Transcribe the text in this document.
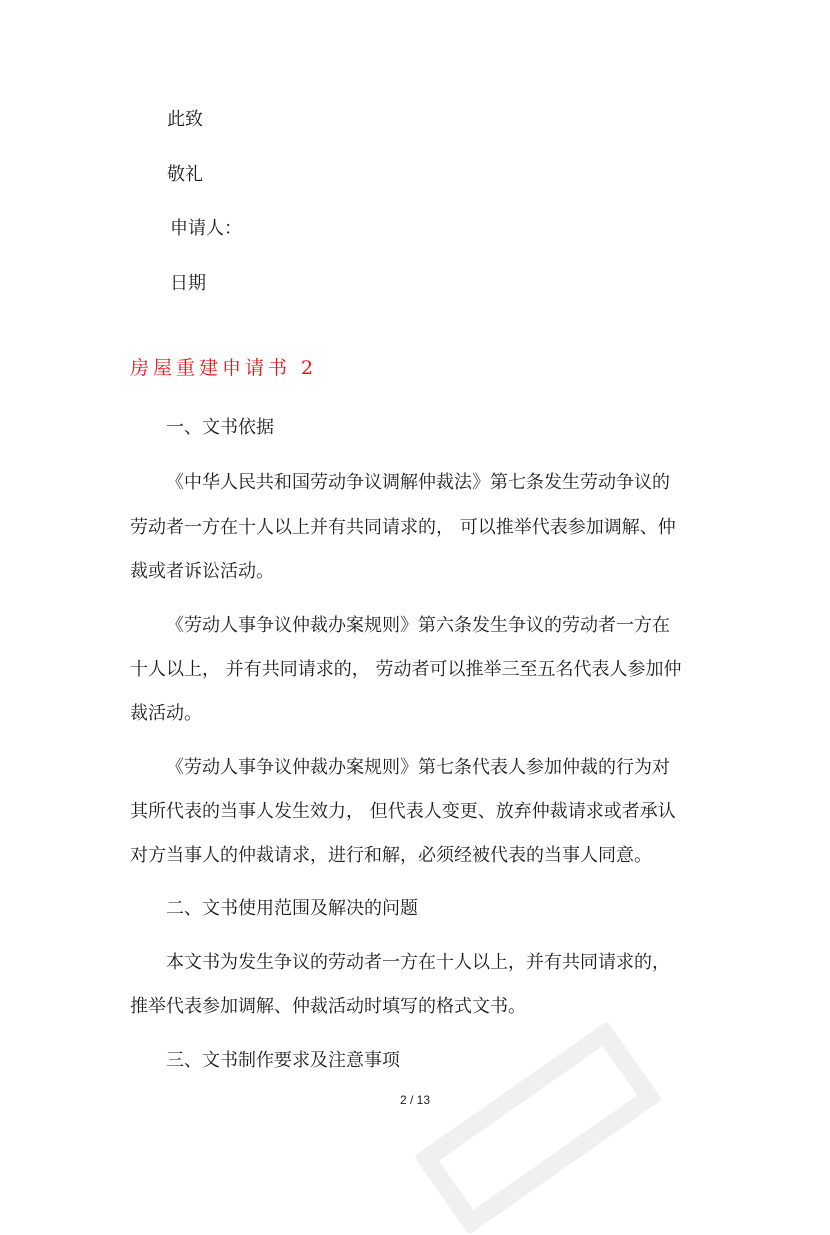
此致
敬礼
申请人：
日期
房屋重建申请书 2
一、文书依据
《中华人民共和国劳动争议调解仲裁法》第七条发生劳动争议的
劳动者一方在十人以上并有共同请求的， 可以推举代表参加调解、仲
裁或者诉讼活动。
《劳动人事争议仲裁办案规则》第六条发生争议的劳动者一方在
十人以上， 并有共同请求的， 劳动者可以推举三至五名代表人参加仲
裁活动。
《劳动人事争议仲裁办案规则》第七条代表人参加仲裁的行为对
其所代表的当事人发生效力， 但代表人变更、放弃仲裁请求或者承认
对方当事人的仲裁请求，进行和解，必须经被代表的当事人同意。
二、文书使用范围及解决的问题
本文书为发生争议的劳动者一方在十人以上，并有共同请求的，
推举代表参加调解、仲裁活动时填写的格式文书。
三、文书制作要求及注意事项
2 / 13
